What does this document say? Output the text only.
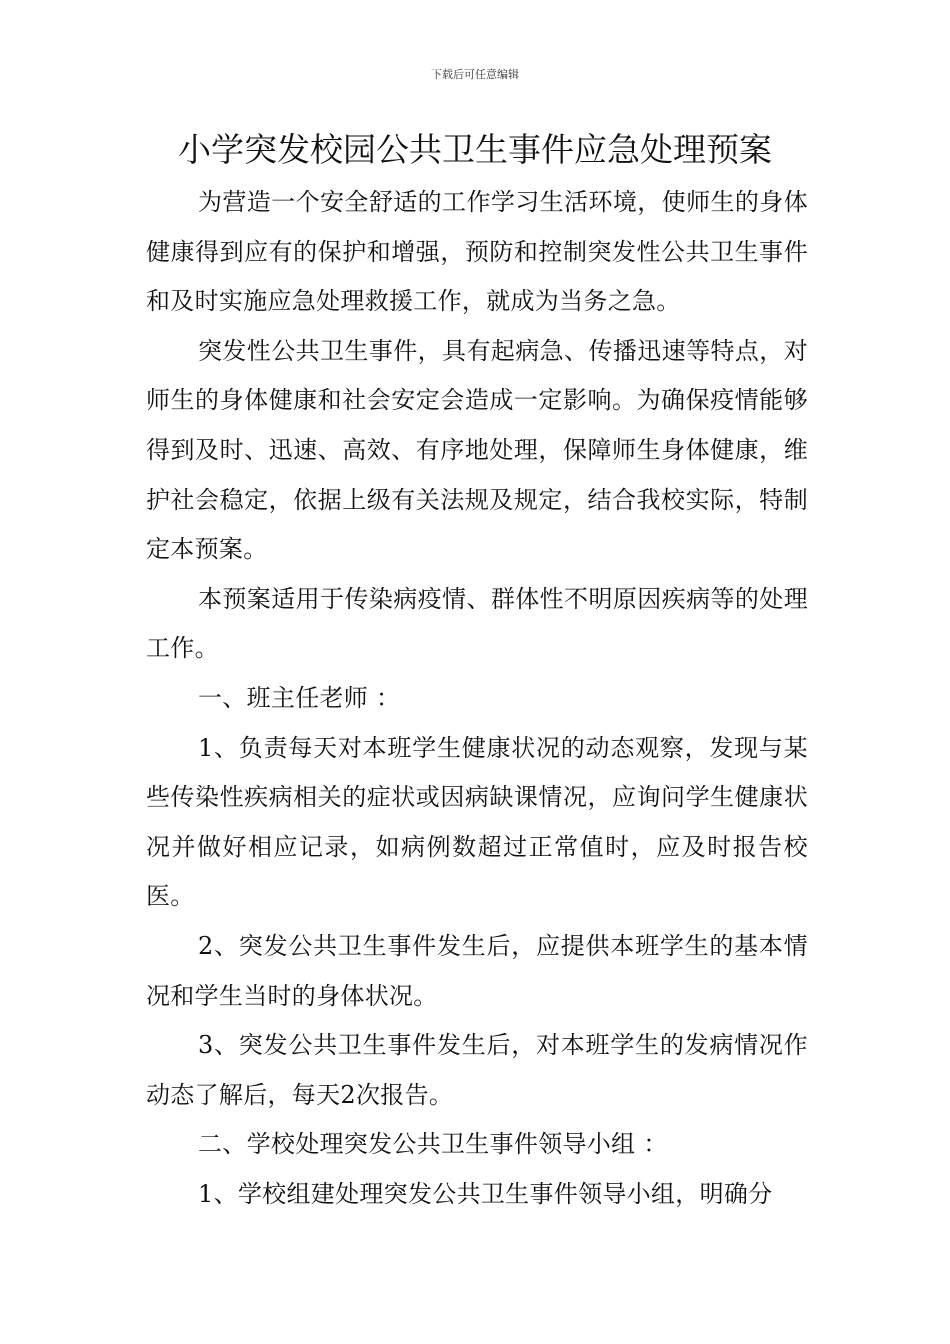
下载后可任意编辑
小学突发校园公共卫生事件应急处理预案

为营造一个安全舒适的工作学习生活环境，使师生的身体健康得到应有的保护和增强，预防和控制突发性公共卫生事件和及时实施应急处理救援工作，就成为当务之急。

突发性公共卫生事件，具有起病急、传播迅速等特点，对师生的身体健康和社会安定会造成一定影响。为确保疫情能够得到及时、迅速、高效、有序地处理，保障师生身体健康，维护社会稳定，依据上级有关法规及规定，结合我校实际，特制定本预案。

本预案适用于传染病疫情、群体性不明原因疾病等的处理工作。

一、班主任老师 ：

1、负责每天对本班学生健康状况的动态观察，发现与某些传染性疾病相关的症状或因病缺课情况，应询问学生健康状况并做好相应记录，如病例数超过正常值时，应及时报告校医。

2、突发公共卫生事件发生后，应提供本班学生的基本情况和学生当时的身体状况。

3、突发公共卫生事件发生后，对本班学生的发病情况作动态了解后，每天2次报告。

二、学校处理突发公共卫生事件领导小组 ：

1、学校组建处理突发公共卫生事件领导小组，明确分
